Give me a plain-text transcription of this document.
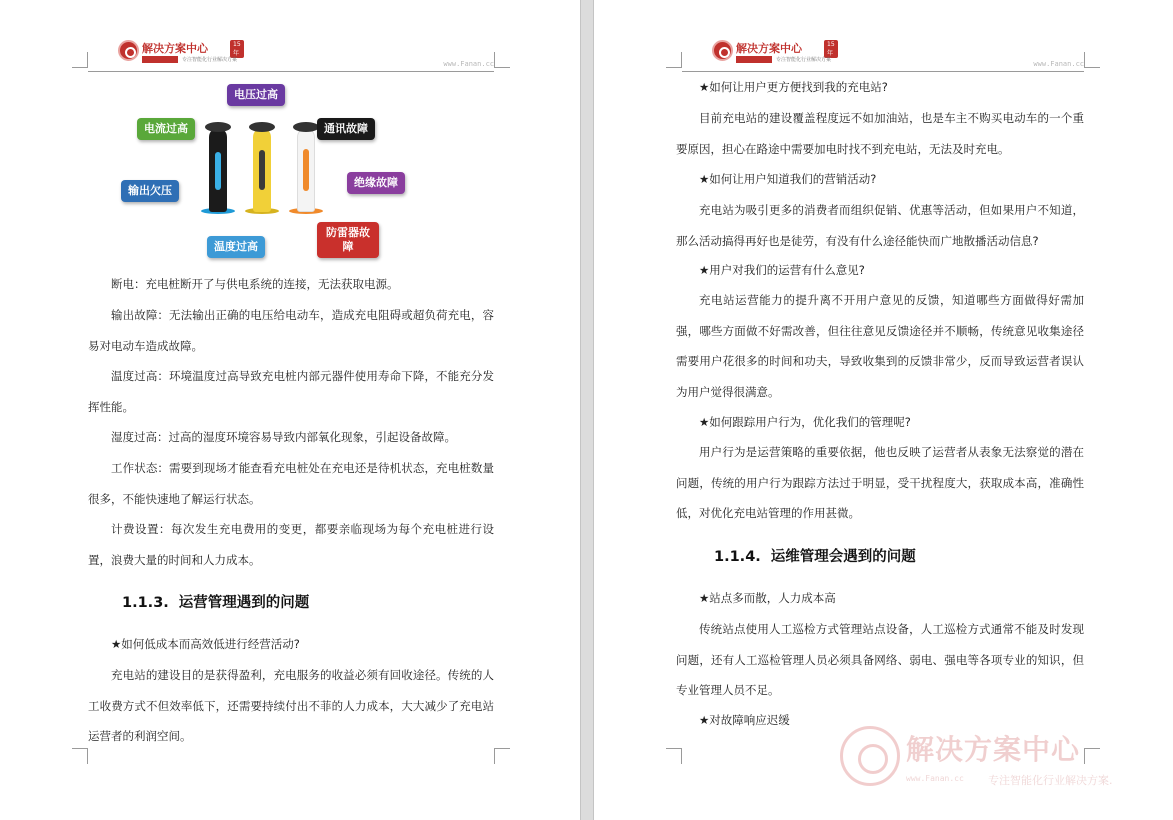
解决方案中心	15年
专注智能化行业解决方案	www.Fanan.cc
电压过高
电流过高	通讯故障
输出欠压
绝缘故障
温度过高
防雷器故障
断电：充电桩断开了与供电系统的连接，无法获取电源。
输出故障：无法输出正确的电压给电动车，造成充电阻碍或超负荷充电，容易对电动车造成故障。
温度过高：环境温度过高导致充电桩内部元器件使用寿命下降，不能充分发挥性能。
湿度过高：过高的湿度环境容易导致内部氧化现象，引起设备故障。
工作状态：需要到现场才能查看充电桩处在充电还是待机状态，充电桩数量很多，不能快速地了解运行状态。
计费设置：每次发生充电费用的变更，都要亲临现场为每个充电桩进行设置，浪费大量的时间和人力成本。
1.1.3. 运营管理遇到的问题
★如何低成本而高效低进行经营活动?
充电站的建设目的是获得盈利，充电服务的收益必须有回收途径。传统的人工收费方式不但效率低下，还需要持续付出不菲的人力成本，大大减少了充电站运营者的利润空间。
解决方案中心	15年
专注智能化行业解决方案	www.Fanan.cc
★如何让用户更方便找到我的充电站?
目前充电站的建设覆盖程度远不如加油站，也是车主不购买电动车的一个重要原因，担心在路途中需要加电时找不到充电站，无法及时充电。
★如何让用户知道我们的营销活动?
充电站为吸引更多的消费者而组织促销、优惠等活动，但如果用户不知道，那么活动搞得再好也是徒劳，有没有什么途径能快而广地散播活动信息?
★用户对我们的运营有什么意见?
充电站运营能力的提升离不开用户意见的反馈，知道哪些方面做得好需加强，哪些方面做不好需改善，但往往意见反馈途径并不顺畅，传统意见收集途径需要用户花很多的时间和功夫，导致收集到的反馈非常少，反而导致运营者误认为用户觉得很满意。
★如何跟踪用户行为，优化我们的管理呢?
用户行为是运营策略的重要依据，他也反映了运营者从表象无法察觉的潜在问题，传统的用户行为跟踪方法过于明显，受干扰程度大，获取成本高，准确性低，对优化充电站管理的作用甚微。
1.1.4. 运维管理会遇到的问题
★站点多而散，人力成本高
传统站点使用人工巡检方式管理站点设备，人工巡检方式通常不能及时发现问题，还有人工巡检管理人员必须具备网络、弱电、强电等各项专业的知识，但专业管理人员不足。
★对故障响应迟缓
解决方案中心
www.Fanan.cc 专注智能化行业解决方案.
